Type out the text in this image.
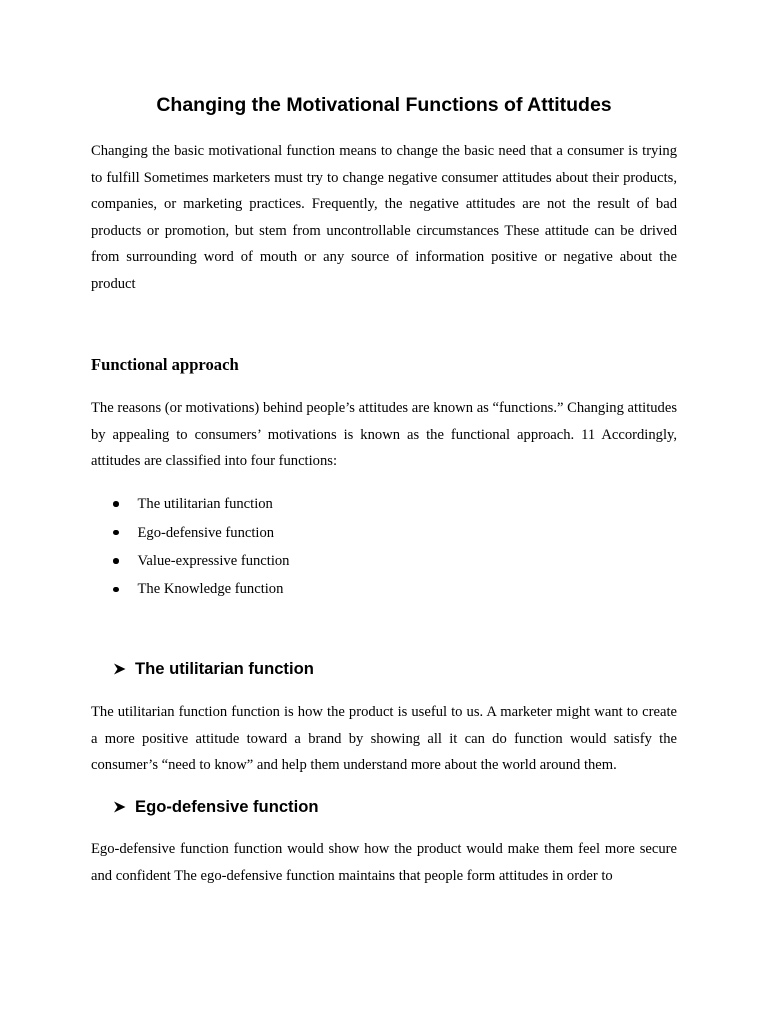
Changing the Motivational Functions of Attitudes

Changing the basic motivational function means to change the basic need that a consumer is trying to fulfill Sometimes marketers must try to change negative consumer attitudes about their products, companies, or marketing practices. Frequently, the negative attitudes are not the result of bad products or promotion, but stem from uncontrollable circumstances These attitude can be drived from surrounding word of mouth or any source of information positive or negative about the product

Functional approach

The reasons (or motivations) behind people’s attitudes are known as “functions.” Changing attitudes by appealing to consumers’ motivations is known as the functional approach. 11 Accordingly, attitudes are classified into four functions:

The utilitarian function
Ego-defensive function
Value-expressive function
The Knowledge function
The utilitarian function

The utilitarian function function is how the product is useful to us. A marketer might want to create a more positive attitude toward a brand by showing all it can do function would satisfy the consumer’s “need to know” and help them understand more about the world around them.

Ego-defensive function

Ego-defensive function function would show how the product would make them feel more secure and confident The ego-defensive function maintains that people form attitudes in order to
